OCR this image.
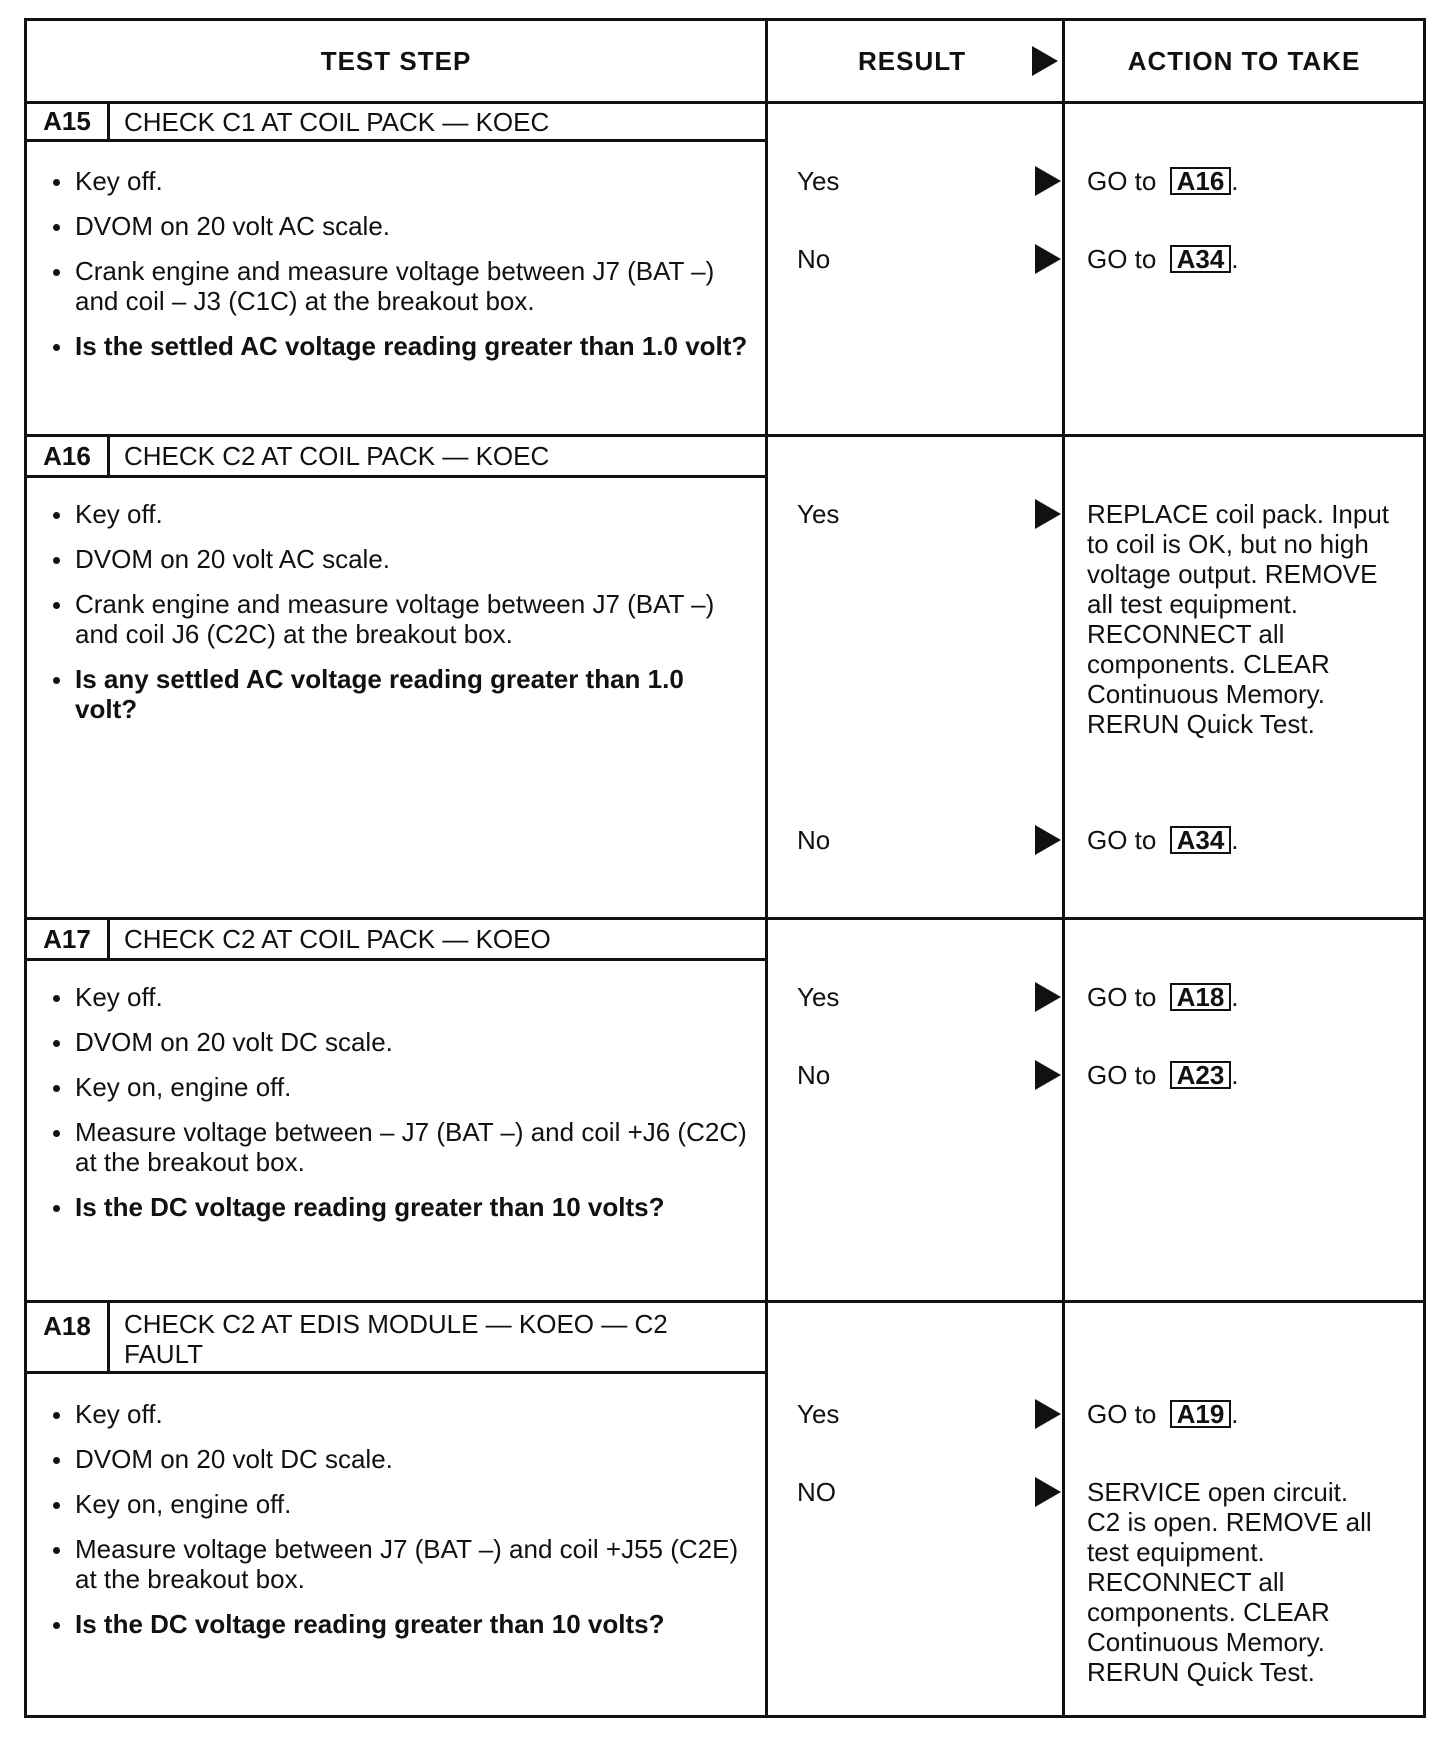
TEST STEP	RESULT	ACTION TO TAKE
A15	CHECK C1 AT COIL PACK — KOEC
Key off.
DVOM on 20 volt AC scale.
Crank engine and measure voltage between J7 (BAT –) and coil – J3 (C1C) at the breakout box.
Is the settled AC voltage reading greater than 1.0 volt?
Yes	GO to A16 .
No	GO to A34 .
A16	CHECK C2 AT COIL PACK — KOEC
Key off.
DVOM on 20 volt AC scale.
Crank engine and measure voltage between J7 (BAT –) and coil J6 (C2C) at the breakout box.
Is any settled AC voltage reading greater than 1.0 volt?
Yes	REPLACE coil pack. Input to coil is OK, but no high voltage output. REMOVE all test equipment. RECONNECT all components. CLEAR Continuous Memory. RERUN Quick Test.
No	GO to A34 .
A17	CHECK C2 AT COIL PACK — KOEO
Key off.
DVOM on 20 volt DC scale.
Key on, engine off.
Measure voltage between – J7 (BAT –) and coil +J6 (C2C) at the breakout box.
Is the DC voltage reading greater than 10 volts?
Yes	GO to A18 .
No	GO to A23 .
A18	CHECK C2 AT EDIS MODULE — KOEO — C2 FAULT
Key off.
DVOM on 20 volt DC scale.
Key on, engine off.
Measure voltage between J7 (BAT –) and coil +J55 (C2E) at the breakout box.
Is the DC voltage reading greater than 10 volts?
Yes	GO to A19 .
NO	SERVICE open circuit. C2 is open. REMOVE all test equipment. RECONNECT all components. CLEAR Continuous Memory. RERUN Quick Test.
